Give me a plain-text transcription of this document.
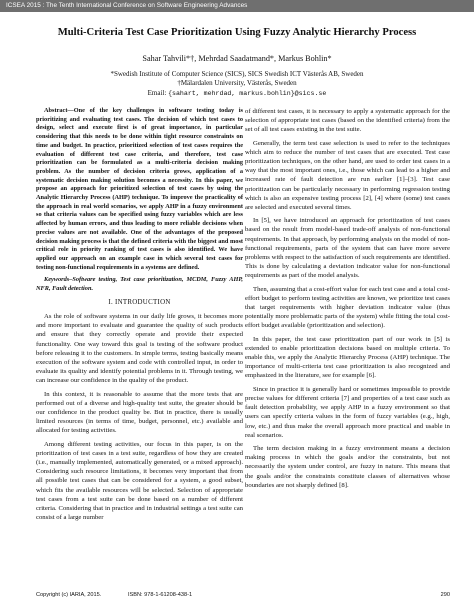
ICSEA 2015 : The Tenth International Conference on Software Engineering Advances
Multi-Criteria Test Case Prioritization Using Fuzzy Analytic Hierarchy Process
Sahar Tahvili*†, Mehrdad Saadatmand*, Markus Bohlin*
*Swedish Institute of Computer Science (SICS), SICS Swedish ICT Västerås AB, Sweden
†Mälardalen University, Västerås, Sweden
Email: {sahart, mehrdad, markus.bohlin}@sics.se

Abstract—One of the key challenges in software testing today is prioritizing and evaluating test cases. The decision of which test cases to design, select and execute first is of great importance, in particular considering that this needs to be done within tight resource constraints on time and budget. In practice, prioritized selection of test cases requires the evaluation of different test case criteria, and therefore, test case prioritization can be formulated as a multi-criteria decision making problem. As the number of decision criteria grows, application of a systematic decision making solution becomes a necessity. In this paper, we propose an approach for prioritized selection of test cases by using the Analytic Hierarchy Process (AHP) technique. To improve the practicality of the approach in real world scenarios, we apply AHP in a fuzzy environment so that criteria values can be specified using fuzzy variables which are less affected by human errors, and thus leading to more reliable decisions when precise values are not available. One of the advantages of the proposed decision making process is that the defined criteria with the biggest and most critical role in priority ranking of test cases is also identified. We have applied our approach on an example case in which several test cases for testing non-functional requirements in a systems are defined.

Keywords–Software testing, Test case prioritization, MCDM, Fuzzy AHP, NFR, Fault detection.

I. INTRODUCTION

As the role of software systems in our daily life grows, it becomes more and more important to evaluate and guarantee the quality of such products and ensure that they correctly operate and provide their expected functionality. One way toward this goal is testing of the software product before releasing it to the customers. In simple terms, testing basically means execution of the software system and code with controlled input, in order to evaluate its quality and identify potential problems in it. Through testing, we can increase our confidence in the quality of the product.

In this context, it is reasonable to assume that the more tests that are performed out of a diverse and high-quality test suite, the greater should be our confidence in the product quality be. But in practice, there is usually limited resources (in terms of time, budget, personnel, etc.) available and allocated for testing activities.

Among different testing activities, our focus in this paper, is on the prioritization of test cases in a test suite, regardless of how they are created (i.e., manually implemented, automatically generated, or a mixed approach). Considering such resource limitations, it becomes very important that from all possible test cases that can be considered for a system, a good subset, which fits the available resources will be selected. Selection of appropriate test cases from a test suite can be done based on a number of different criteria. Considering that in practice and in industrial settings a test suite can consist of a large number

of different test cases, it is necessary to apply a systematic approach for the selection of appropriate test cases (based on the identified criteria) from the set of all test cases existing in the test suite.

Generally, the term test case selection is used to refer to the techniques which aim to reduce the number of test cases that are executed. Test case prioritization techniques, on the other hand, are used to order test cases in a way that the most important ones, i.e., those which can lead to a higher and increased rate of fault detection are run earlier [1]–[3]. Test case prioritization can be particularly necessary in performing regression testing which is also an expensive testing process [2], [4] where (some) test cases are selected and executed several times.

In [5], we have introduced an approach for prioritization of test cases based on the result from model-based trade-off analysis of non-functional requirements. In that approach, by performing analysis on the model of non-functional requirements, parts of the system that can have more severe problems with respect to the satisfaction of such requirements are identified. This is done by calculating a deviation indicator value for non-functional requirements as part of the model analysis.

Then, assuming that a cost-effort value for each test case and a total cost-effort budget to perform testing activities are known, we prioritize test cases that target requirements with higher deviation indicator value (thus potentially more problematic parts of the system) while fitting the total cost-effort budget available (prioritization and selection).

In this paper, the test case prioritization part of our work in [5] is extended to enable prioritization decisions based on multiple criteria. To enable this, we apply the Analytic Hierarchy Process (AHP) technique. The importance of multi-criteria test case prioritization is also recognized and emphasized in the literature, see for example [6].

Since in practice it is generally hard or sometimes impossible to provide precise values for different criteria [7] and properties of a test case such as fault detection probability, we apply AHP in a fuzzy environment so that users can specify criteria values in the form of fuzzy variables (e.g., high, low, etc.) and thus make the overall approach more practical and usable in real scenarios.

The term decision making in a fuzzy environment means a decision making process in which the goals and/or the constraints, but not necessarily the system under control, are fuzzy in nature. This means that the goals and/or the constraints constitute classes of alternatives whose boundaries are not sharply defined [8].

Copyright (c) IARIA, 2015.	ISBN: 978-1-61208-438-1	290
